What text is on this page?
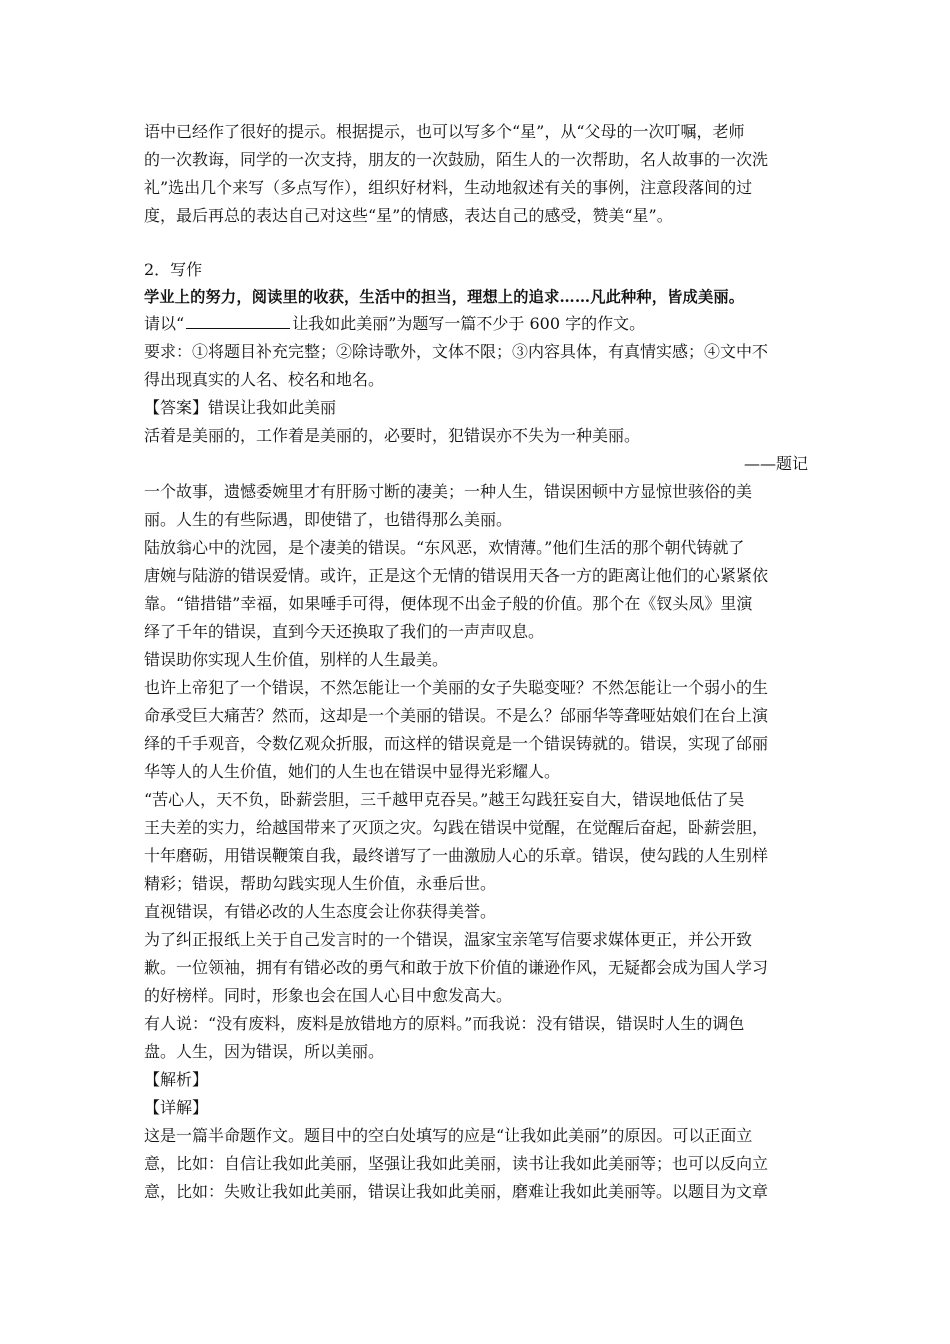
语中已经作了很好的提示。根据提示，也可以写多个“星”，从“父母的一次叮嘱，老师
的一次教诲，同学的一次支持，朋友的一次鼓励，陌生人的一次帮助，名人故事的一次洗
礼”选出几个来写（多点写作），组织好材料，生动地叙述有关的事例，注意段落间的过
度，最后再总的表达自己对这些“星”的情感，表达自己的感受，赞美“星”。
2．写作
学业上的努力，阅读里的收获，生活中的担当，理想上的追求……凡此种种，皆成美丽。
请以“	让我如此美丽”为题写一篇不少于 600 字的作文。
要求：①将题目补充完整；②除诗歌外，文体不限；③内容具体，有真情实感；④文中不
得出现真实的人名、校名和地名。
【答案】错误让我如此美丽
活着是美丽的，工作着是美丽的，必要时，犯错误亦不失为一种美丽。
——题记
一个故事，遗憾委婉里才有肝肠寸断的凄美；一种人生，错误困顿中方显惊世骇俗的美
丽。人生的有些际遇，即使错了，也错得那么美丽。
陆放翁心中的沈园，是个凄美的错误。“东风恶，欢情薄。”他们生活的那个朝代铸就了
唐婉与陆游的错误爱情。或许，正是这个无情的错误用天各一方的距离让他们的心紧紧依
靠。“错措错”幸福，如果唾手可得，便体现不出金子般的价值。那个在《钗头凤》里演
绎了千年的错误，直到今天还换取了我们的一声声叹息。
错误助你实现人生价值，别样的人生最美。
也许上帝犯了一个错误，不然怎能让一个美丽的女子失聪变哑？不然怎能让一个弱小的生
命承受巨大痛苦？然而，这却是一个美丽的错误。不是么？邰丽华等聋哑姑娘们在台上演
绎的千手观音，令数亿观众折服，而这样的错误竟是一个错误铸就的。错误，实现了邰丽
华等人的人生价值，她们的人生也在错误中显得光彩耀人。
“苦心人，天不负，卧薪尝胆，三千越甲克吞吴。”越王勾践狂妄自大，错误地低估了吴
王夫差的实力，给越国带来了灭顶之灾。勾践在错误中觉醒，在觉醒后奋起，卧薪尝胆，
十年磨砺，用错误鞭策自我，最终谱写了一曲激励人心的乐章。错误，使勾践的人生别样
精彩；错误，帮助勾践实现人生价值，永垂后世。
直视错误，有错必改的人生态度会让你获得美誉。
为了纠正报纸上关于自己发言时的一个错误，温家宝亲笔写信要求媒体更正，并公开致
歉。一位领袖，拥有有错必改的勇气和敢于放下价值的谦逊作风，无疑都会成为国人学习
的好榜样。同时，形象也会在国人心目中愈发高大。
有人说：“没有废料，废料是放错地方的原料。”而我说：没有错误，错误时人生的调色
盘。人生，因为错误，所以美丽。
【解析】
【详解】
这是一篇半命题作文。题目中的空白处填写的应是“让我如此美丽”的原因。可以正面立
意，比如：自信让我如此美丽，坚强让我如此美丽，读书让我如此美丽等；也可以反向立
意，比如：失败让我如此美丽，错误让我如此美丽，磨难让我如此美丽等。以题目为文章
